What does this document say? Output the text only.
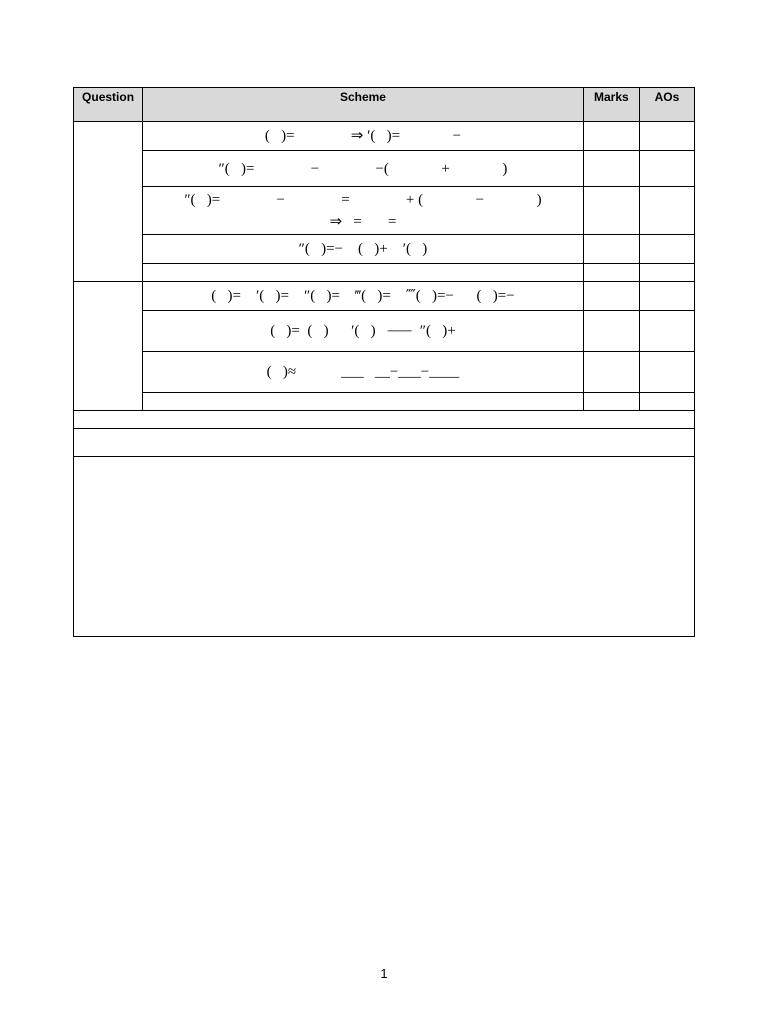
Question	Scheme	Marks	AOs
	(   )=               ⇒ ′(   )=              −		
	″(   )=               −               −(              +              )		

	″(   )=               −               =               + (              −              )
⇒   =       =		

	″(   )=−    (   )+    ′(   )		

	(   )=    ′(   )=    ″(   )=    ‴(   )=    ⁗(   )=−      (   )=−		
	(   )=  (   )      ′(   )   ⸺  ″(   )+		
	(   )≈            ___   __−___−____		

1
